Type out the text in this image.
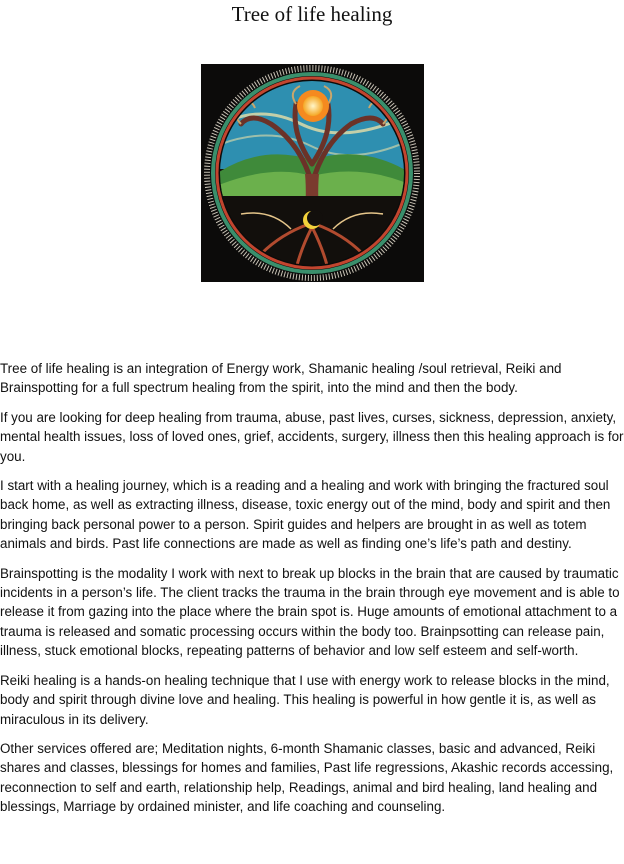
Tree of life healing

Tree of life healing is an integration of Energy work, Shamanic healing /soul retrieval, Reiki and Brainspotting for a full spectrum healing from the spirit, into the mind and then the body.

If you are looking for deep healing from trauma, abuse, past lives, curses, sickness, depression, anxiety, mental health issues, loss of loved ones, grief, accidents, surgery, illness then this healing approach is for you.

I start with a healing journey, which is a reading and a healing and work with bringing the fractured soul back home, as well as extracting illness, disease, toxic energy out of the mind, body and spirit and then bringing back personal power to a person. Spirit guides and helpers are brought in as well as totem animals and birds. Past life connections are made as well as finding one’s life’s path and destiny.

Brainspotting is the modality I work with next to break up blocks in the brain that are caused by traumatic incidents in a person’s life. The client tracks the trauma in the brain through eye movement and is able to release it from gazing into the place where the brain spot is. Huge amounts of emotional attachment to a trauma is released and somatic processing occurs within the body too. Brainpsotting can release pain, illness, stuck emotional blocks, repeating patterns of behavior and low self esteem and self-worth.

Reiki healing is a hands-on healing technique that I use with energy work to release blocks in the mind, body and spirit through divine love and healing. This healing is powerful in how gentle it is, as well as miraculous in its delivery.

Other services offered are; Meditation nights, 6-month Shamanic classes, basic and advanced, Reiki shares and classes, blessings for homes and families, Past life regressions, Akashic records accessing, reconnection to self and earth, relationship help, Readings, animal and bird healing, land healing and blessings, Marriage by ordained minister, and life coaching and counseling.
